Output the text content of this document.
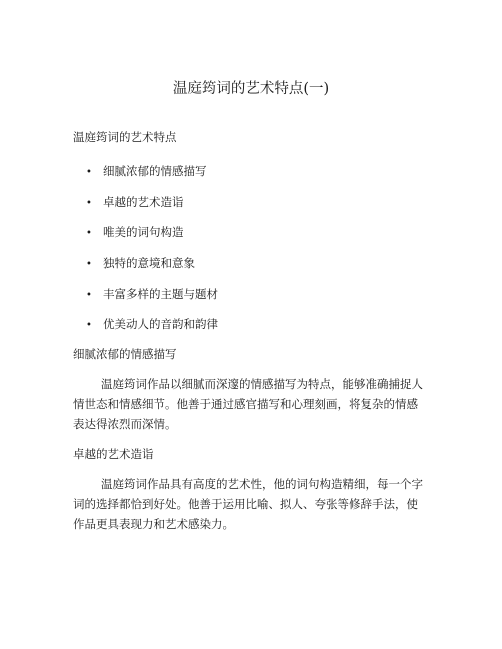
温庭筠词的艺术特点(一)
温庭筠词的艺术特点
• 细腻浓郁的情感描写
• 卓越的艺术造诣
• 唯美的词句构造
• 独特的意境和意象
• 丰富多样的主题与题材
• 优美动人的音韵和韵律
细腻浓郁的情感描写
温庭筠词作品以细腻而深邃的情感描写为特点，能够准确捕捉人
情世态和情感细节。他善于通过感官描写和心理刻画，将复杂的情感
表达得浓烈而深情。
卓越的艺术造诣
温庭筠词作品具有高度的艺术性，他的词句构造精细，每一个字
词的选择都恰到好处。他善于运用比喻、拟人、夸张等修辞手法，使
作品更具表现力和艺术感染力。
